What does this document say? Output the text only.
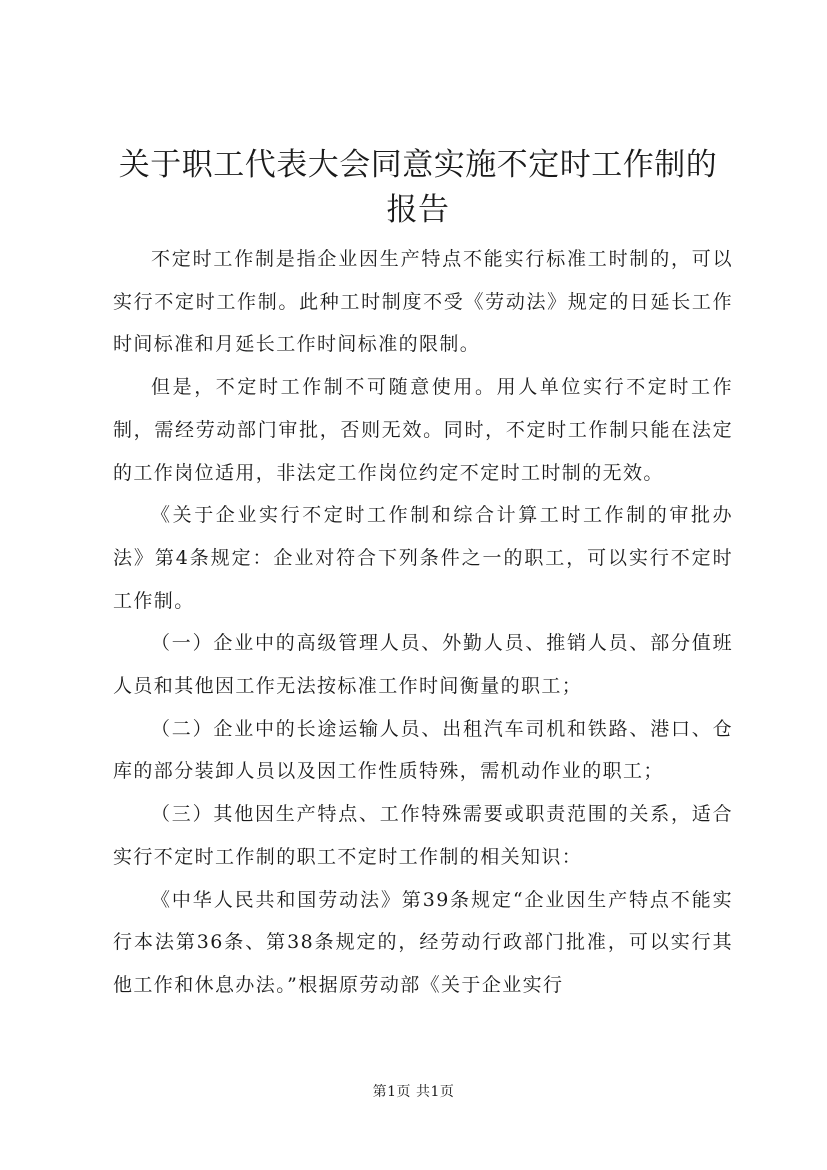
关于职工代表大会同意实施不定时工作制的报告

不定时工作制是指企业因生产特点不能实行标准工时制的，可以实行不定时工作制。此种工时制度不受《劳动法》规定的日延长工作时间标准和月延长工作时间标准的限制。

但是，不定时工作制不可随意使用。用人单位实行不定时工作制，需经劳动部门审批，否则无效。同时，不定时工作制只能在法定的工作岗位适用，非法定工作岗位约定不定时工时制的无效。

《关于企业实行不定时工作制和综合计算工时工作制的审批办法》第4条规定：企业对符合下列条件之一的职工，可以实行不定时工作制。

（一）企业中的高级管理人员、外勤人员、推销人员、部分值班人员和其他因工作无法按标准工作时间衡量的职工；

（二）企业中的长途运输人员、出租汽车司机和铁路、港口、仓库的部分装卸人员以及因工作性质特殊，需机动作业的职工；

（三）其他因生产特点、工作特殊需要或职责范围的关系，适合实行不定时工作制的职工不定时工作制的相关知识：

《中华人民共和国劳动法》第39条规定“企业因生产特点不能实行本法第36条、第38条规定的，经劳动行政部门批准，可以实行其他工作和休息办法。”根据原劳动部《关于企业实行

第1页 共1页
